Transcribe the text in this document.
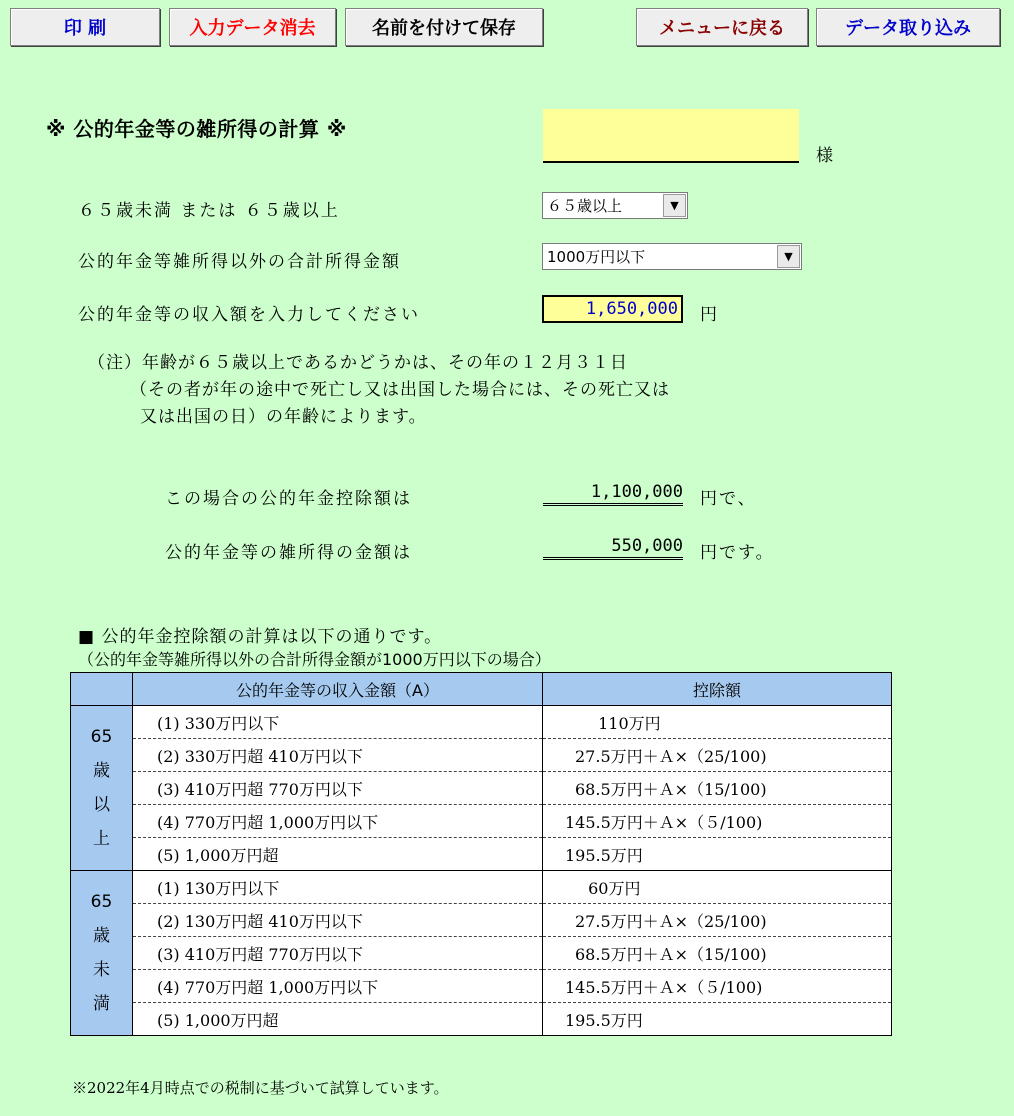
印 刷	入力データ消去	名前を付けて保存	メニューに戻る	データ取り込み
※ 公的年金等の雑所得の計算 ※
様
６５歳未満 または ６５歳以上	６５歳以上	▼
公的年金等雑所得以外の合計所得金額	1000万円以下	▼
公的年金等の収入額を入力してください	1,650,000 円
（注）年齢が６５歳以上であるかどうかは、その年の１２月３１日
（その者が年の途中で死亡し又は出国した場合には、その死亡又は
又は出国の日）の年齢によります。
この場合の公的年金控除額は	1,100,000 円で、
公的年金等の雑所得の金額は	550,000 円です。
■ 公的年金控除額の計算は以下の通りです。
（公的年金等雑所得以外の合計所得金額が1000万円以下の場合）
	公的年金等の収入金額（A）	控除額

65
歳
以
上	(1) 330万円以下	110万円
	(2) 330万円超 410万円以下	27.5万円＋Ａ×（25/100)
	(3) 410万円超 770万円以下	68.5万円＋Ａ×（15/100)
	(4) 770万円超 1,000万円以下	145.5万円＋Ａ×（５/100)
	(5) 1,000万円超	195.5万円

65
歳
未
満	(1) 130万円以下	60万円
	(2) 130万円超 410万円以下	27.5万円＋Ａ×（25/100)
	(3) 410万円超 770万円以下	68.5万円＋Ａ×（15/100)
	(4) 770万円超 1,000万円以下	145.5万円＋Ａ×（５/100)
	(5) 1,000万円超	195.5万円
※2022年4月時点での税制に基づいて試算しています。
